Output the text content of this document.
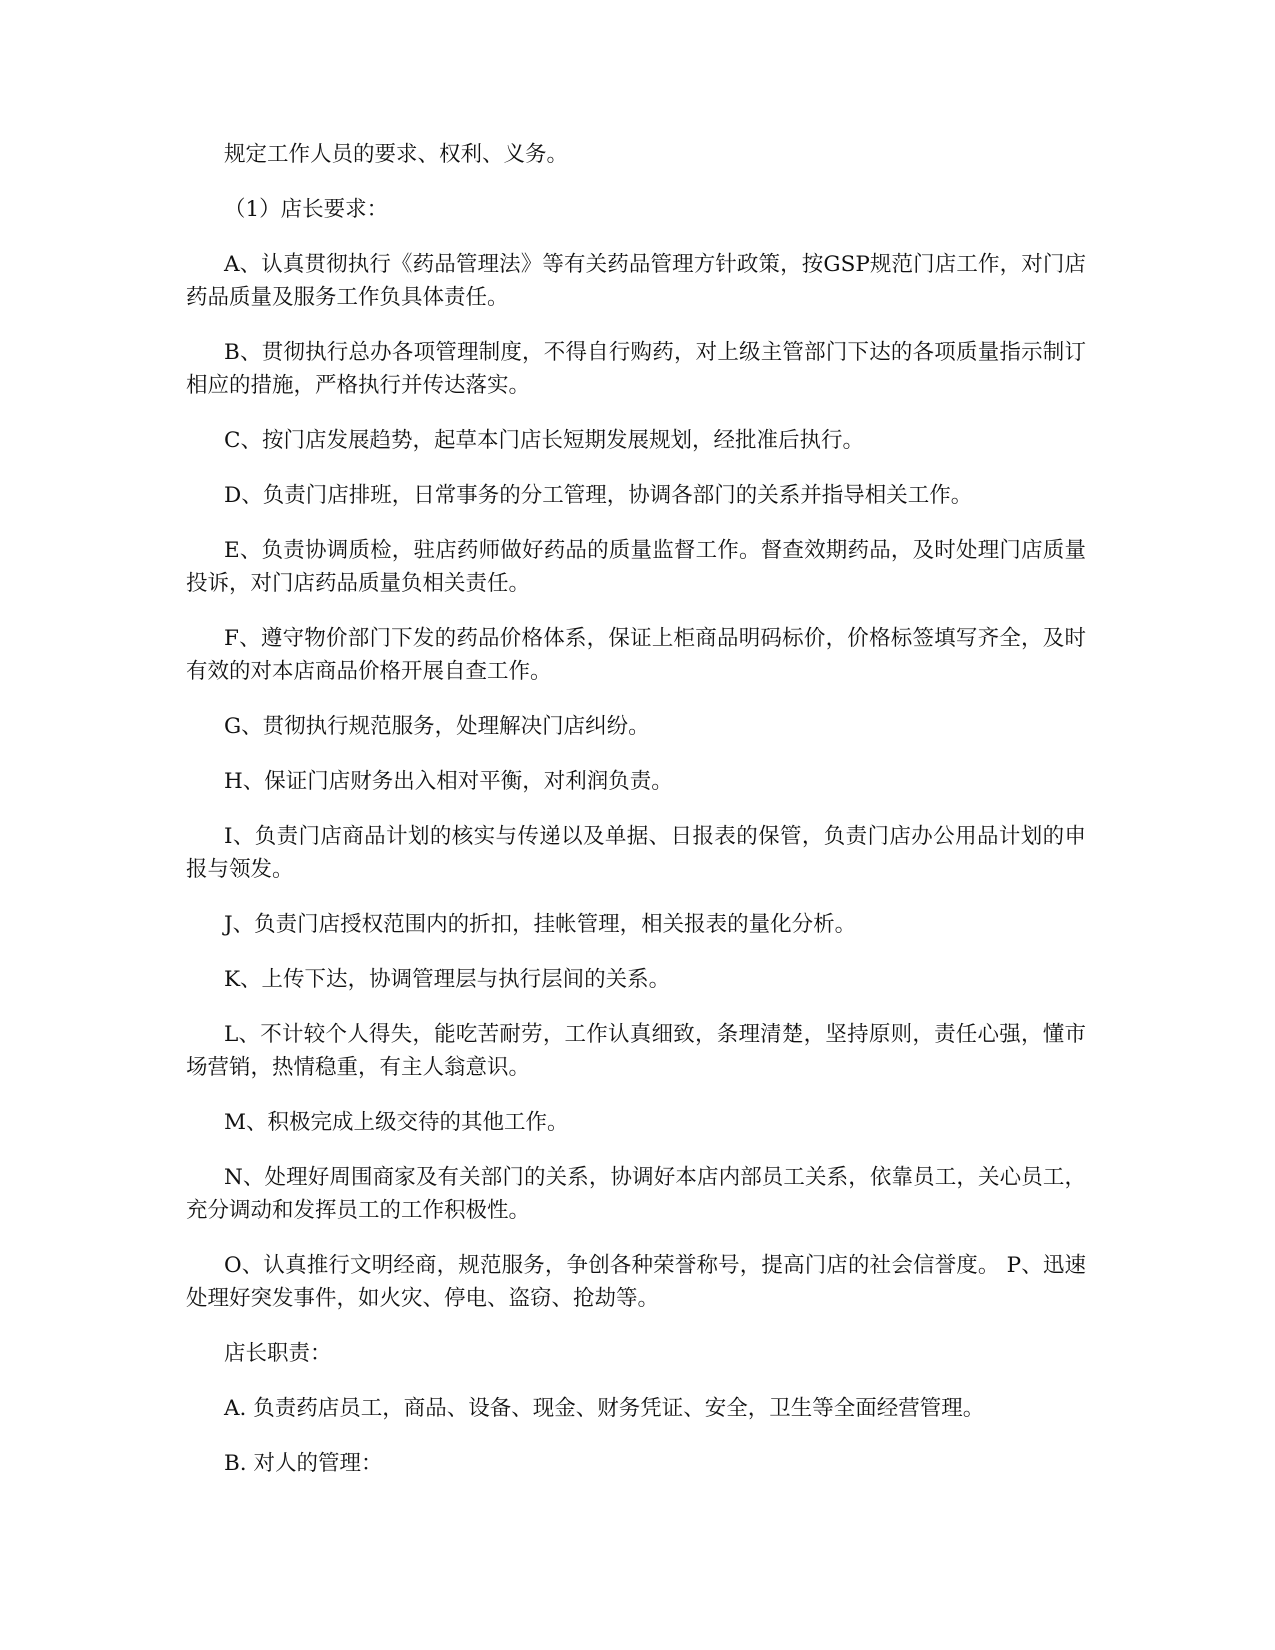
规定工作人员的要求、权利、义务。

（1）店长要求：

A、认真贯彻执行《药品管理法》等有关药品管理方针政策，按GSP规范门店工作，对门店药品质量及服务工作负具体责任。

B、贯彻执行总办各项管理制度，不得自行购药，对上级主管部门下达的各项质量指示制订相应的措施，严格执行并传达落实。

C、按门店发展趋势，起草本门店长短期发展规划，经批准后执行。

D、负责门店排班，日常事务的分工管理，协调各部门的关系并指导相关工作。

E、负责协调质检，驻店药师做好药品的质量监督工作。督查效期药品，及时处理门店质量投诉，对门店药品质量负相关责任。

F、遵守物价部门下发的药品价格体系，保证上柜商品明码标价，价格标签填写齐全，及时有效的对本店商品价格开展自查工作。

G、贯彻执行规范服务，处理解决门店纠纷。

H、保证门店财务出入相对平衡，对利润负责。

I、负责门店商品计划的核实与传递以及单据、日报表的保管，负责门店办公用品计划的申报与领发。

J、负责门店授权范围内的折扣，挂帐管理，相关报表的量化分析。

K、上传下达，协调管理层与执行层间的关系。

L、不计较个人得失，能吃苦耐劳，工作认真细致，条理清楚，坚持原则，责任心强，懂市场营销，热情稳重，有主人翁意识。

M、积极完成上级交待的其他工作。

N、处理好周围商家及有关部门的关系，协调好本店内部员工关系，依靠员工，关心员工，充分调动和发挥员工的工作积极性。

O、认真推行文明经商，规范服务，争创各种荣誉称号，提高门店的社会信誉度。 P、迅速处理好突发事件，如火灾、停电、盗窃、抢劫等。

店长职责：

A. 负责药店员工，商品、设备、现金、财务凭证、安全，卫生等全面经营管理。

B. 对人的管理：
